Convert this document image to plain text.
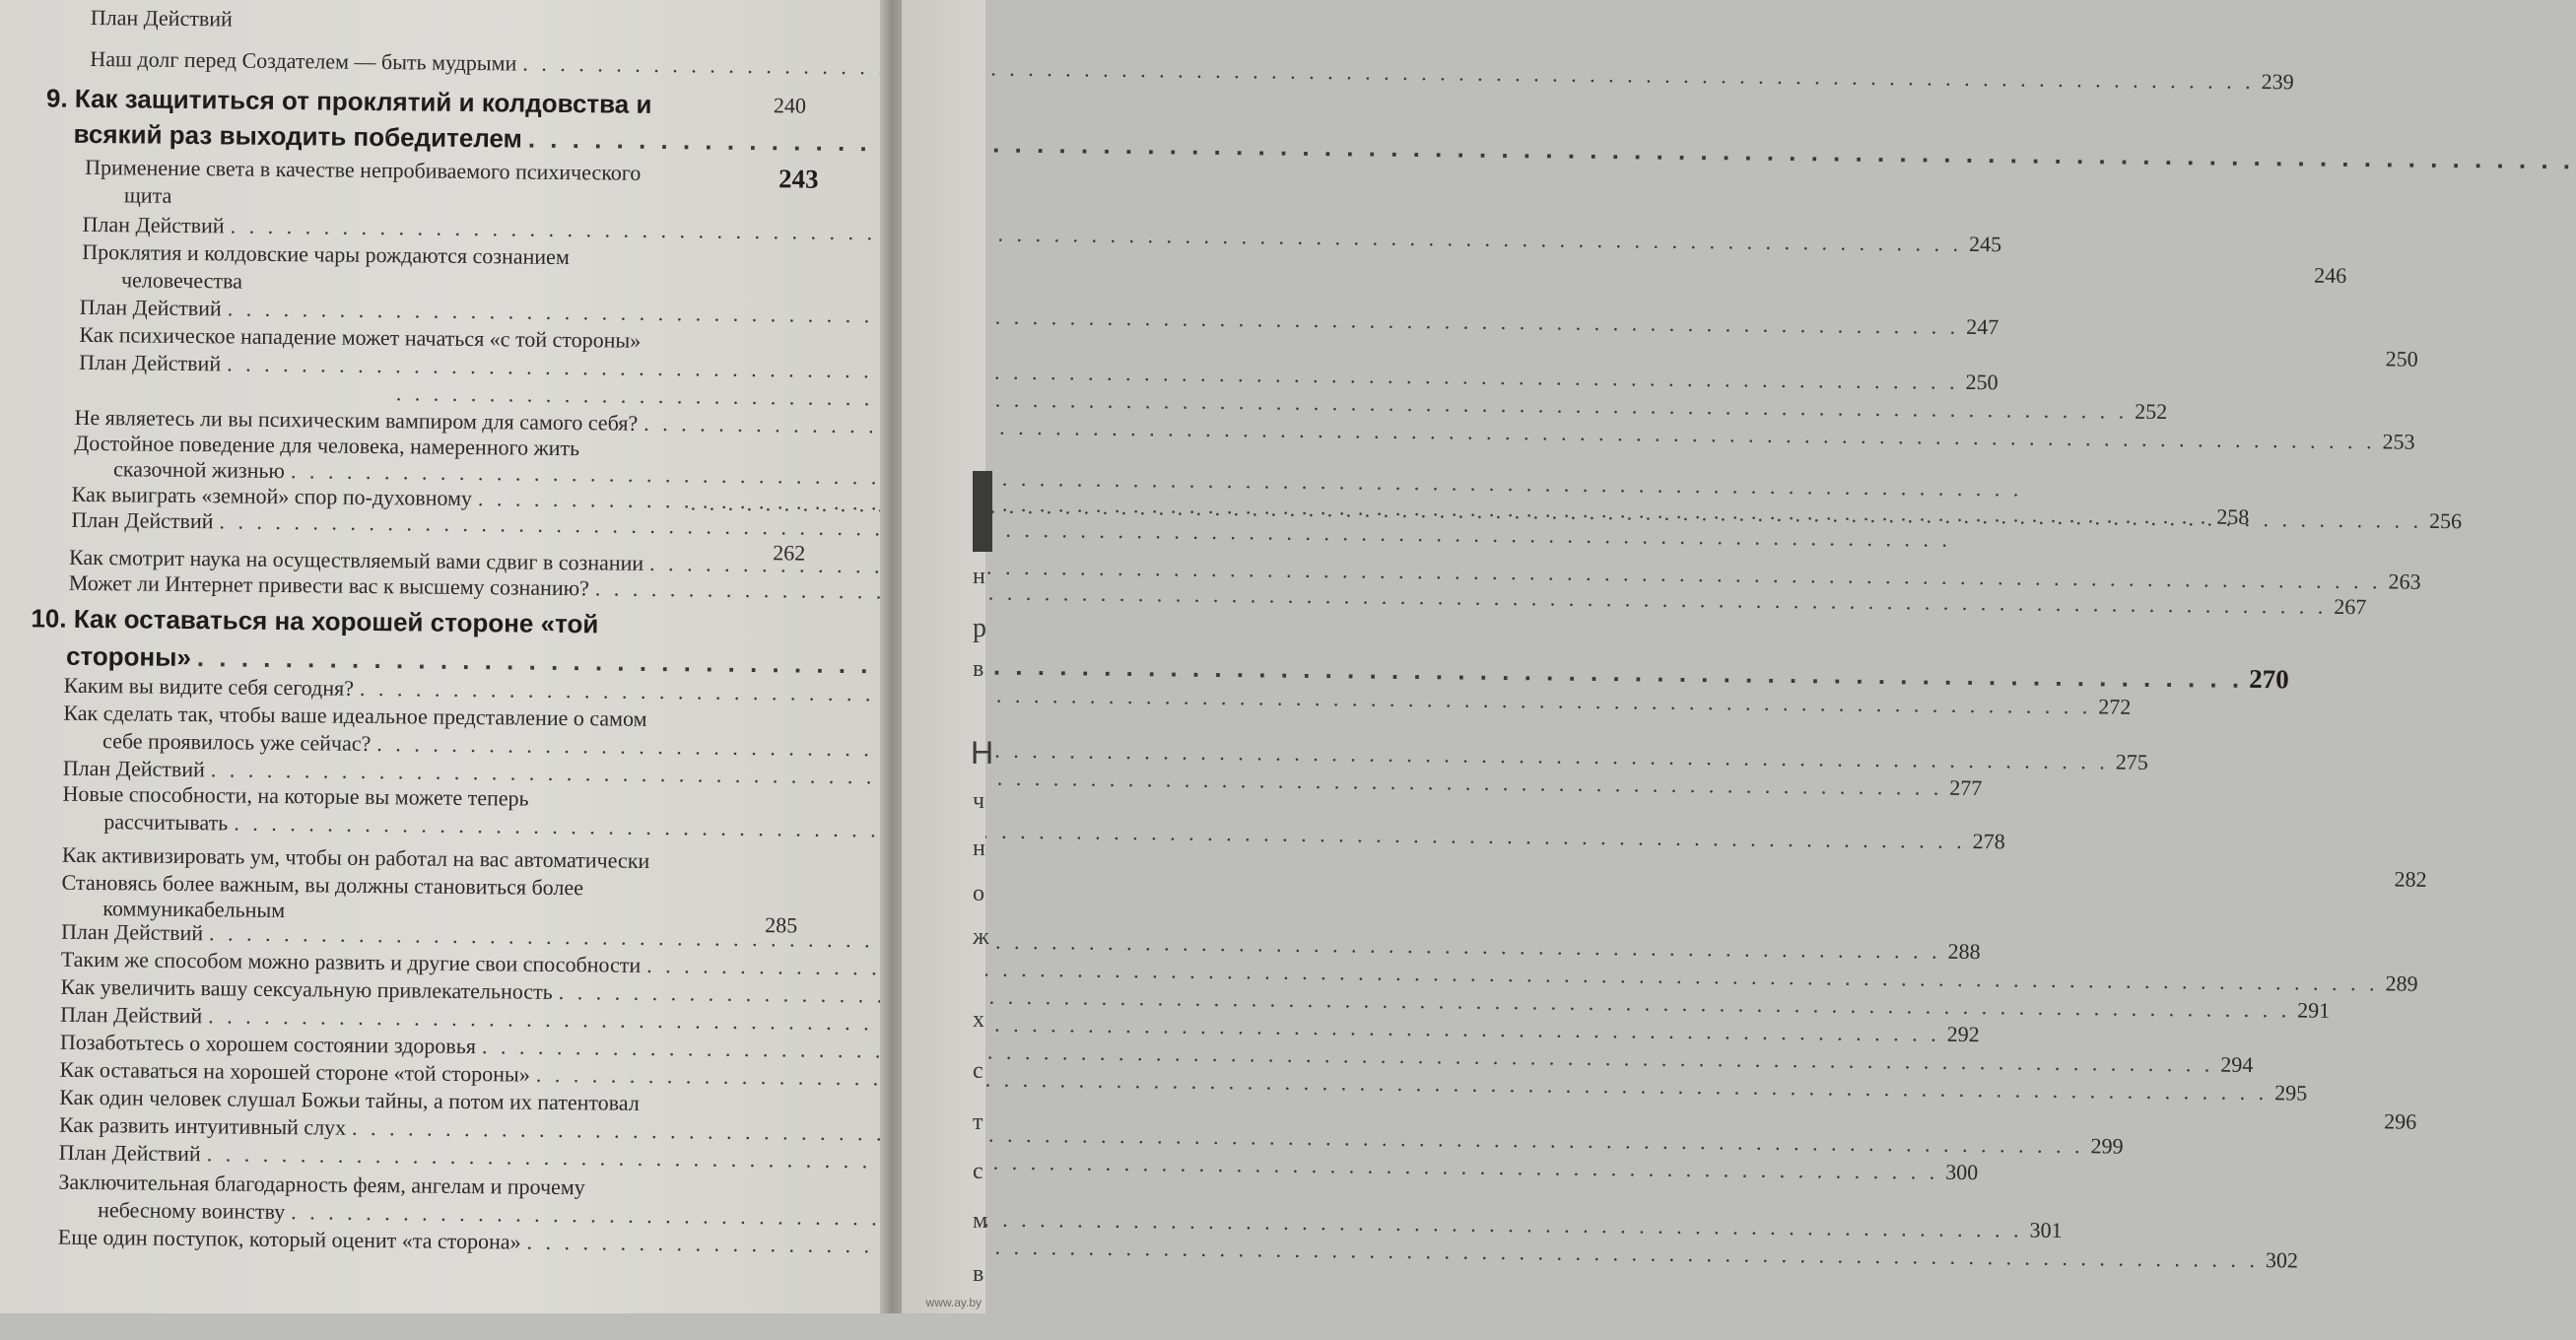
План Действий
Наш долг перед Создателем — быть мудрыми
. . .
239
240
9. Как защититься от проклятий и колдовства и
всякий раз выходить победителем
. . .
243
Применение света в качестве непробиваемого психического
щита
План Действий
. . .
245
Проклятия и колдовские чары рождаются сознанием
246
человечества
План Действий
. . .
247
Как психическое нападение может начаться «с той стороны»
250
План Действий
. . .
250
. . .
252
Не являетесь ли вы психическим вампиром для самого себя?
. . .
253
Достойное поведение для человека, намеренного жить
сказочной жизнью
. . .
. . .
256
Как выиграть «земной» спор по-духовному
. . .
258
План Действий
. . .
262
Как смотрит наука на осуществляемый вами сдвиг в сознании
. . .
263
Может ли Интернет привести вас к высшему сознанию?
. . .
267
10. Как оставаться на хорошей стороне «той
стороны»
. . .
270
Каким вы видите себя сегодня?
. . .
272
Как сделать так, чтобы ваше идеальное представление о самом
себе проявилось уже сейчас?
. . .
275
План Действий
. . .
277
Новые способности, на которые вы можете теперь
рассчитывать
. . .
278
Как активизировать ум, чтобы он работал на вас автоматически
282
Становясь более важным, вы должны становиться более
коммуникабельным
285
План Действий
. . .
288
Таким же способом можно развить и другие свои способности
. . .
289
Как увеличить вашу сексуальную привлекательность
. . .
291
План Действий
. . .
292
Позаботьтесь о хорошем состоянии здоровья
. . .
294
Как оставаться на хорошей стороне «той стороны»
. . .
295
Как один человек слушал Божьи тайны, а потом их патентовал
296
Как развить интуитивный слух
. . .
299
План Действий
. . .
300
Заключительная благодарность феям, ангелам и прочему
небесному воинству
. . .
301
Еще один поступок, который оценит «та сторона»
. . .
302
н
р
в
Н
ч
н
о
ж
х
с
т
с
м
в
www.ay.by
